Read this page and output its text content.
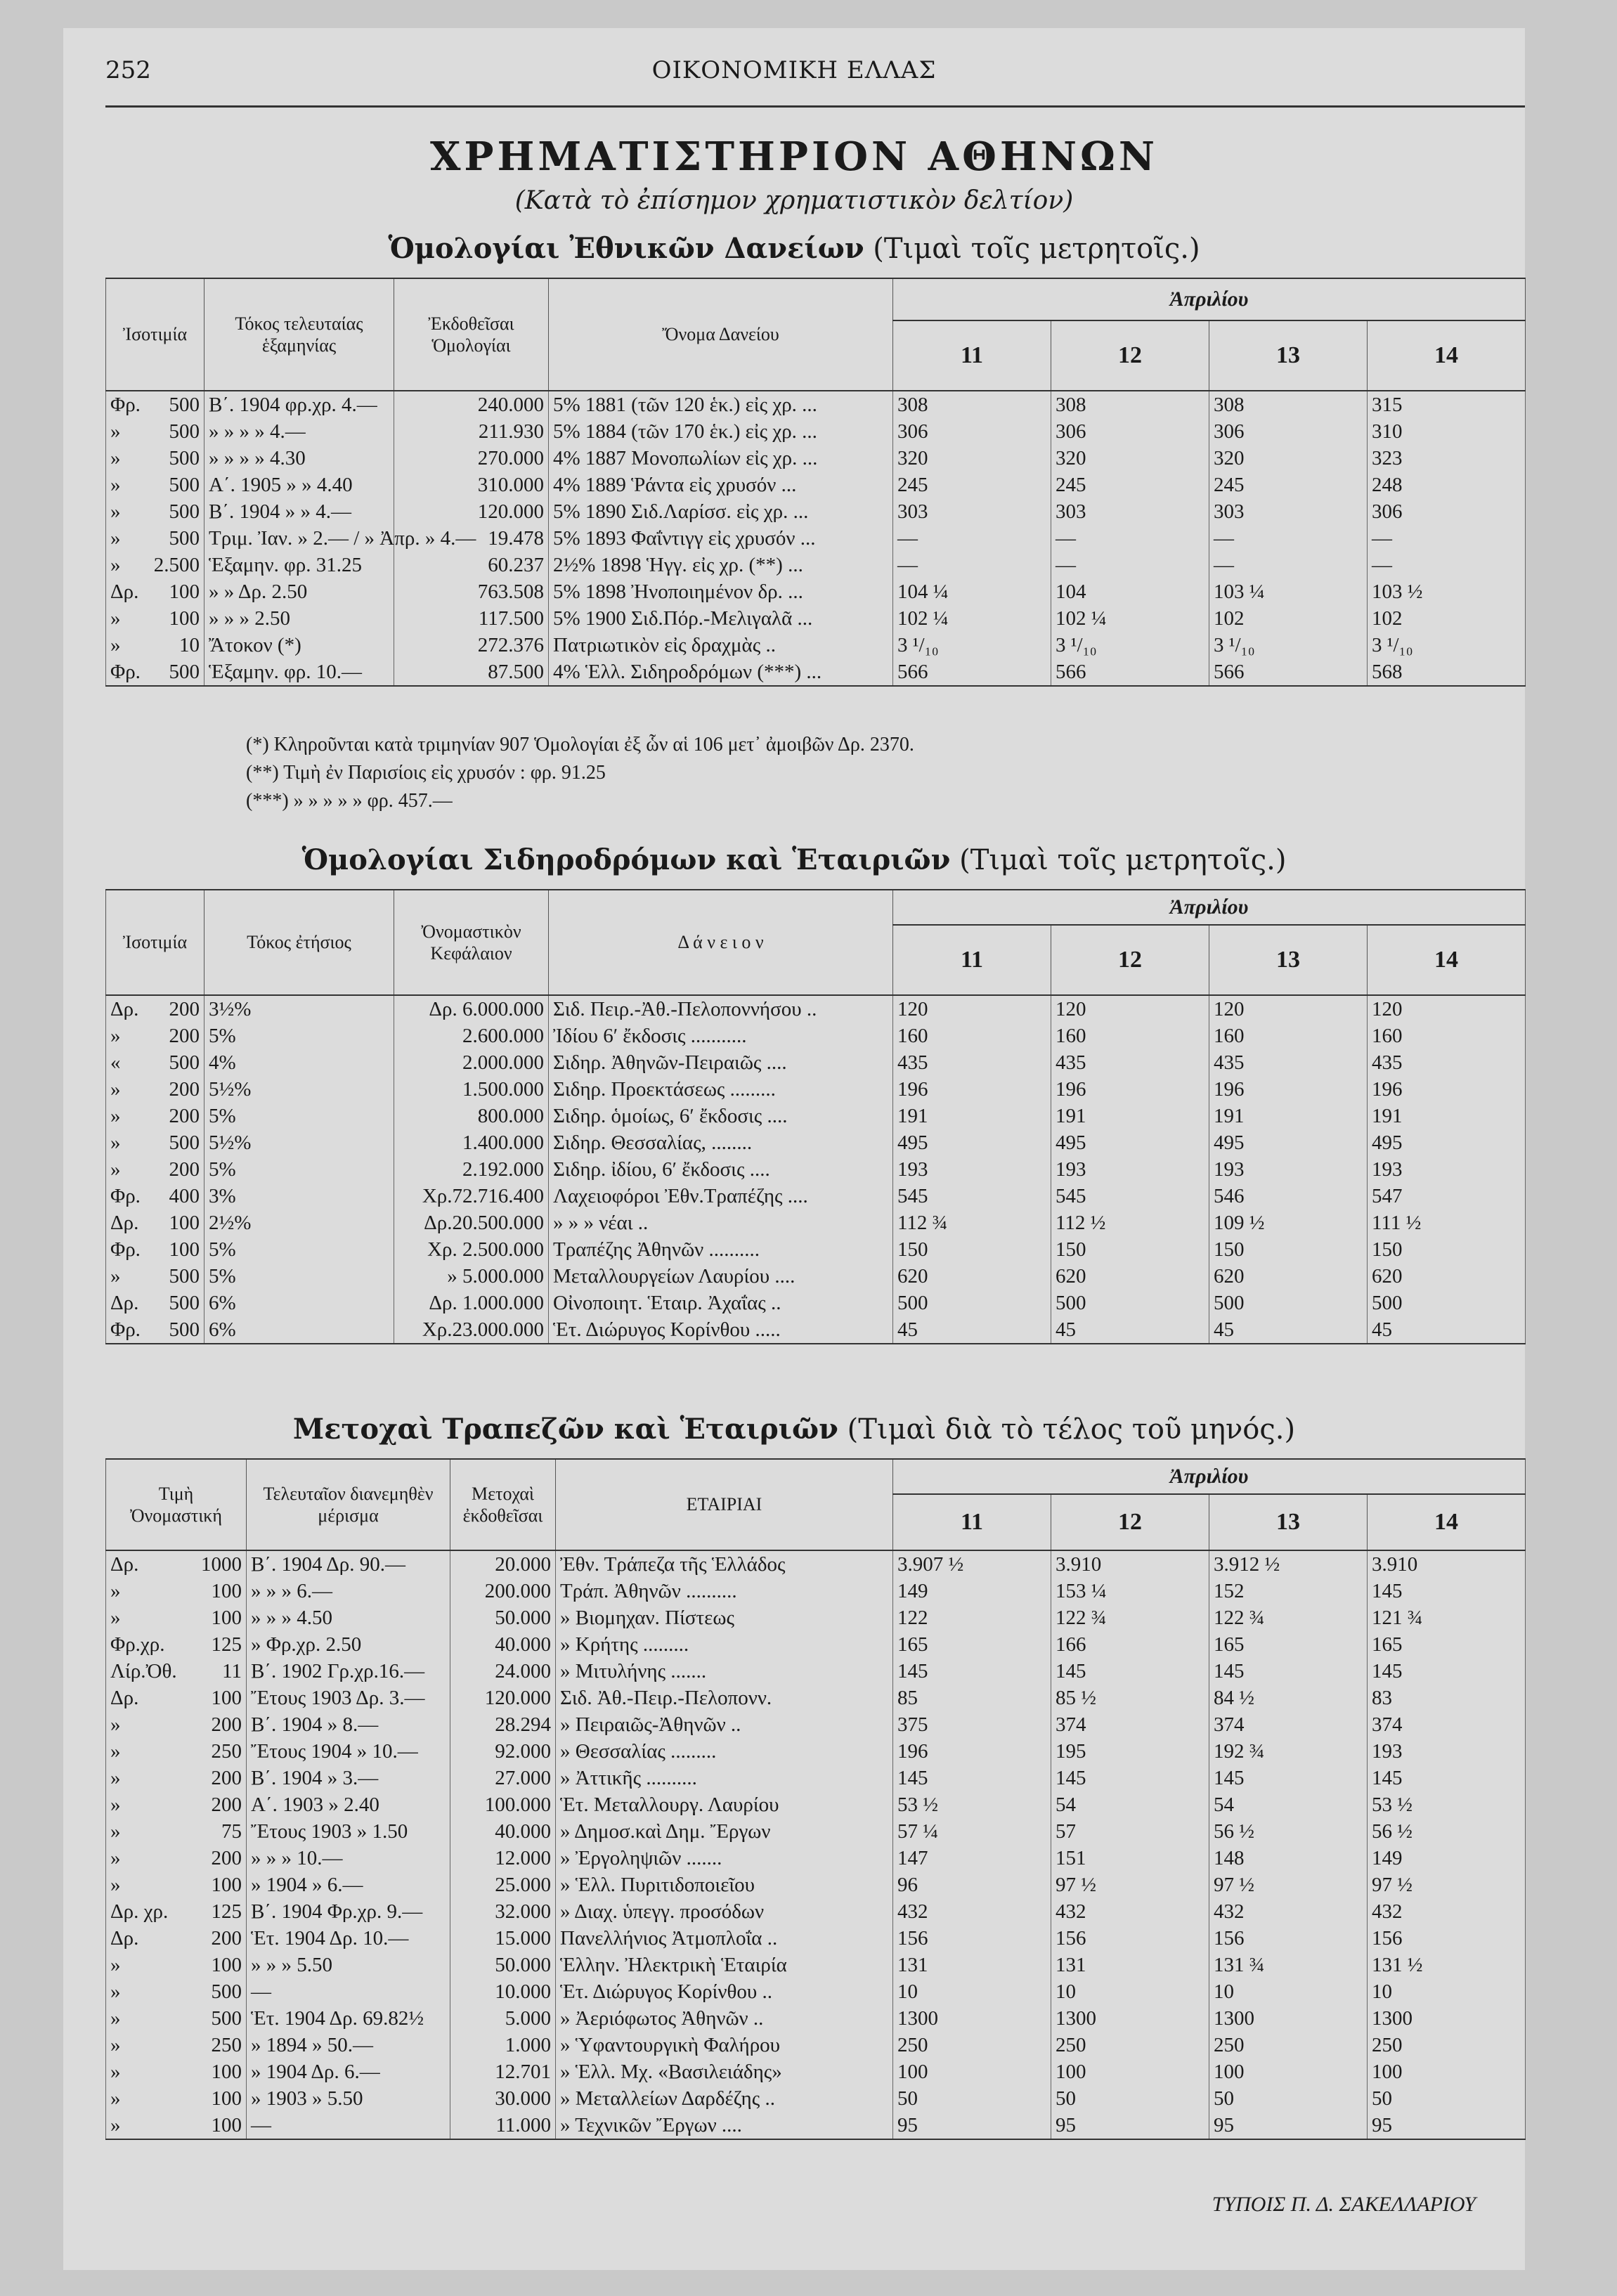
252	ΟΙΚΟΝΟΜΙΚΗ ΕΛΛΑΣ
ΧΡΗΜΑΤΙΣΤΗΡΙΟΝ ΑΘΗΝΩΝ
(Κατὰ τὸ ἐπίσημον χρηματιστικὸν δελτίον)
Ὁμολογίαι Ἐθνικῶν Δανείων (Τιμαὶ τοῖς μετρητοῖς.)
Ἰσοτιμία	Τόκος τελευταίας ἑξαμηνίας	Ἐκδοθεῖσαι Ὁμολογίαι	Ὄνομα Δανείου	Ἀπριλίου			
				11	12	13	14
Φρ. 500	Β΄. 1904 φρ.χρ. 4.—	240.000	5% 1881 (τῶν 120 ἑκ.) εἰς χρ. ...	308	308	308	315
» 500	» » » » 4.—	211.930	5% 1884 (τῶν 170 ἑκ.) εἰς χρ. ...	306	306	306	310
» 500	» » » » 4.30	270.000	4% 1887 Μονοπωλίων εἰς χρ. ...	320	320	320	323
» 500	Α΄. 1905 » » 4.40	310.000	4% 1889 Ῥάντα εἰς χρυσόν ...	245	245	245	248
» 500	Β΄. 1904 » » 4.—	120.000	5% 1890 Σιδ.Λαρίσσ. εἰς χρ. ...	303	303	303	306
» 500	Τριμ. Ἰαν. » 2.— / » Ἀπρ. » 4.—	19.478	5% 1893 Φαΐντιγγ εἰς χρυσόν ...	—	—	—	—
» 2.500	Ἑξαμην. φρ. 31.25	60.237	2½% 1898 Ἡγγ. εἰς χρ. (**) ...	—	—	—	—
Δρ. 100	» » Δρ. 2.50	763.508	5% 1898 Ἠνοποιημένον δρ. ...	104 ¼	104	103 ¼	103 ½
» 100	» » » 2.50	117.500	5% 1900 Σιδ.Πόρ.-Μελιγαλᾶ ...	102 ¼	102 ¼	102	102
» 10	Ἄτοκον (*)	272.376	Πατριωτικὸν εἰς δραχμὰς ..	3 ¹/₁₀	3 ¹/₁₀	3 ¹/₁₀	3 ¹/₁₀
Φρ. 500	Ἑξαμην. φρ. 10.—	87.500	4% Ἑλλ. Σιδηροδρόμων (***) ...	566	566	566	568
(*) Κληροῦνται κατὰ τριμηνίαν 907 Ὁμολογίαι ἐξ ὧν αἱ 106 μετ᾽ ἀμοιβῶν Δρ. 2370.
(**) Τιμὴ ἐν Παρισίοις εἰς χρυσόν : φρ. 91.25
(***) » » » » » φρ. 457.—
Ὁμολογίαι Σιδηροδρόμων καὶ Ἑταιριῶν (Τιμαὶ τοῖς μετρητοῖς.)
Ἰσοτιμία	Τόκος ἐτήσιος	Ὀνομαστικὸν Κεφάλαιον	Δ ά ν ε ι ο ν	Ἀπριλίου			
				11	12	13	14
Δρ. 200	3½%	Δρ. 6.000.000	Σιδ. Πειρ.-Ἀθ.-Πελοποννήσου ..	120	120	120	120
» 200	5%	2.600.000	Ἰδίου 6ʹ ἔκδοσις ...........	160	160	160	160
« 500	4%	2.000.000	Σιδηρ. Ἀθηνῶν-Πειραιῶς ....	435	435	435	435
» 200	5½%	1.500.000	Σιδηρ. Προεκτάσεως .........	196	196	196	196
» 200	5%	800.000	Σιδηρ. ὁμοίως, 6ʹ ἔκδοσις ....	191	191	191	191
» 500	5½%	1.400.000	Σιδηρ. Θεσσαλίας, ........	495	495	495	495
» 200	5%	2.192.000	Σιδηρ. ἰδίου, 6ʹ ἔκδοσις ....	193	193	193	193
Φρ. 400	3%	Χρ.72.716.400	Λαχειοφόροι Ἐθν.Τραπέζης ....	545	545	546	547
Δρ. 100	2½%	Δρ.20.500.000	» » » νέαι ..	112 ¾	112 ½	109 ½	111 ½
Φρ. 100	5%	Χρ. 2.500.000	Τραπέζης Ἀθηνῶν ..........	150	150	150	150
» 500	5%	» 5.000.000	Μεταλλουργείων Λαυρίου ....	620	620	620	620
Δρ. 500	6%	Δρ. 1.000.000	Οἰνοποιητ. Ἑταιρ. Ἀχαΐας ..	500	500	500	500
Φρ. 500	6%	Χρ.23.000.000	Ἑτ. Διώρυγος Κορίνθου .....	45	45	45	45
Μετοχαὶ Τραπεζῶν καὶ Ἑταιριῶν (Τιμαὶ διὰ τὸ τέλος τοῦ μηνός.)
Τιμὴ Ὀνομαστική	Τελευταῖον διανεμηθὲν μέρισμα	Μετοχαὶ ἐκδοθεῖσαι	ΕΤΑΙΡΙΑΙ	Ἀπριλίου			
				11	12	13	14
Δρ. 1000	Β΄. 1904 Δρ. 90.—	20.000	Ἐθν. Τράπεζα τῆς Ἑλλάδος	3.907 ½	3.910	3.912 ½	3.910
» 100	» » » 6.—	200.000	Τράπ. Ἀθηνῶν ..........	149	153 ¼	152	145
» 100	» » » 4.50	50.000	» Βιομηχαν. Πίστεως	122	122 ¾	122 ¾	121 ¾
Φρ.χρ. 125	» Φρ.χρ. 2.50	40.000	» Κρήτης .........	165	166	165	165
Λίρ.Ὀθ. 11	Β΄. 1902 Γρ.χρ.16.—	24.000	» Μιτυλήνης .......	145	145	145	145
Δρ. 100	Ἔτους 1903 Δρ. 3.—	120.000	Σιδ. Ἀθ.-Πειρ.-Πελοπονν.	85	85 ½	84 ½	83
» 200	Β΄. 1904 » 8.—	28.294	» Πειραιῶς-Ἀθηνῶν ..	375	374	374	374
» 250	Ἔτους 1904 » 10.—	92.000	» Θεσσαλίας .........	196	195	192 ¾	193
» 200	Β΄. 1904 » 3.—	27.000	» Ἀττικῆς ..........	145	145	145	145
» 200	Α΄. 1903 » 2.40	100.000	Ἑτ. Μεταλλουργ. Λαυρίου	53 ½	54	54	53 ½
» 75	Ἔτους 1903 » 1.50	40.000	» Δημοσ.καὶ Δημ. Ἔργων	57 ¼	57	56 ½	56 ½
» 200	» » » 10.—	12.000	» Ἐργοληψιῶν .......	147	151	148	149
» 100	» 1904 » 6.—	25.000	» Ἑλλ. Πυριτιδοποιεῖου	96	97 ½	97 ½	97 ½
Δρ. χρ. 125	Β΄. 1904 Φρ.χρ. 9.—	32.000	» Διαχ. ὑπεγγ. προσόδων	432	432	432	432
Δρ. 200	Ἑτ. 1904 Δρ. 10.—	15.000	Πανελλήνιος Ἀτμοπλοΐα ..	156	156	156	156
» 100	» » » 5.50	50.000	Ἑλλην. Ἠλεκτρικὴ Ἑταιρία	131	131	131 ¾	131 ½
» 500	—	10.000	Ἑτ. Διώρυγος Κορίνθου ..	10	10	10	10
» 500	Ἑτ. 1904 Δρ. 69.82½	5.000	» Ἀεριόφωτος Ἀθηνῶν ..	1300	1300	1300	1300
» 250	» 1894 » 50.—	1.000	» Ὑφαντουργικὴ Φαλήρου	250	250	250	250
» 100	» 1904 Δρ. 6.—	12.701	» Ἑλλ. Μχ. «Βασιλειάδης»	100	100	100	100
» 100	» 1903 » 5.50	30.000	» Μεταλλείων Δαρδέζης ..	50	50	50	50
» 100	—	11.000	» Τεχνικῶν Ἔργων ....	95	95	95	95
ΤΥΠΟΙΣ Π. Δ. ΣΑΚΕΛΛΑΡΙΟΥ
